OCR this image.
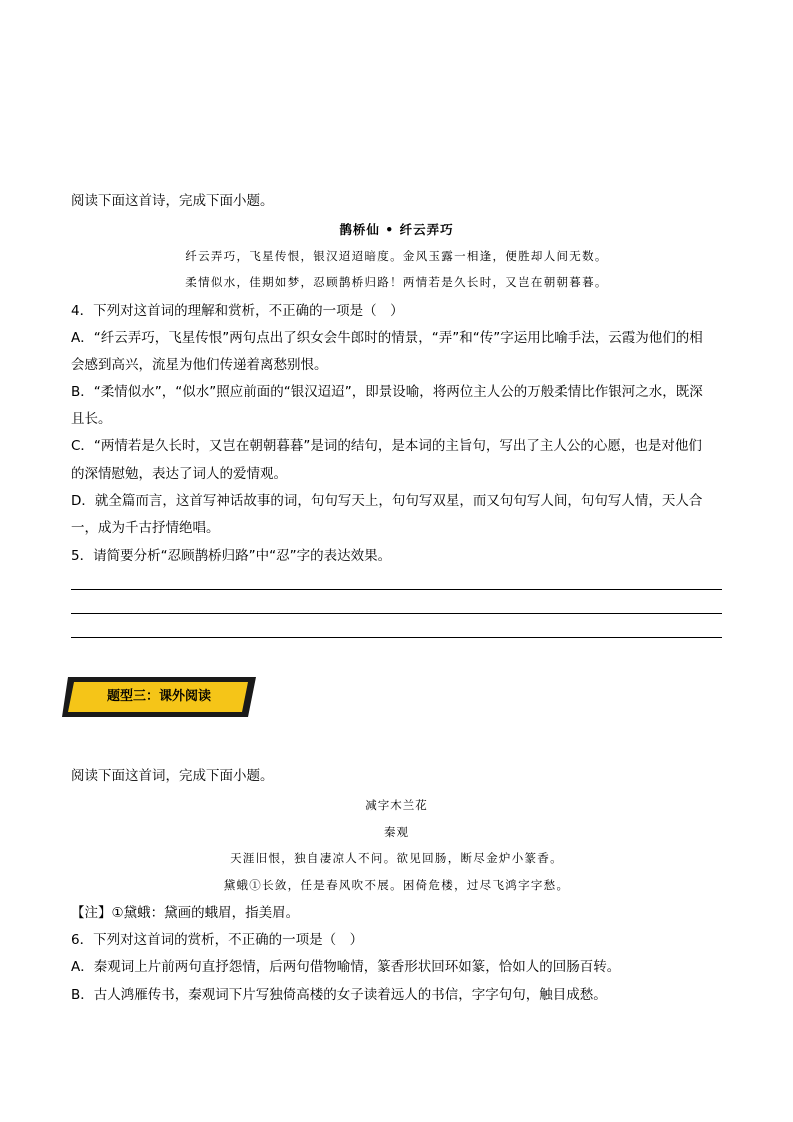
阅读下面这首诗，完成下面小题。
鹊桥仙 • 纤云弄巧
纤云弄巧，飞星传恨，银汉迢迢暗度。金风玉露一相逢，便胜却人间无数。
柔情似水，佳期如梦，忍顾鹊桥归路！两情若是久长时，又岂在朝朝暮暮。
4．下列对这首词的理解和赏析，不正确的一项是（　）
A．“纤云弄巧，飞星传恨”两句点出了织女会牛郎时的情景，“弄”和“传”字运用比喻手法，云霞为他们的相
会感到高兴，流星为他们传递着离愁别恨。
B．“柔情似水”，“似水”照应前面的“银汉迢迢”，即景设喻，将两位主人公的万般柔情比作银河之水，既深
且长。
C．“两情若是久长时，又岂在朝朝暮暮”是词的结句，是本词的主旨句，写出了主人公的心愿，也是对他们
的深情慰勉，表达了词人的爱情观。
D．就全篇而言，这首写神话故事的词，句句写天上，句句写双星，而又句句写人间，句句写人情，天人合
一，成为千古抒情绝唱。
5．请简要分析“忍顾鹊桥归路”中“忍”字的表达效果。
题型三：课外阅读
阅读下面这首词，完成下面小题。
减字木兰花
秦观
天涯旧恨，独自凄凉人不问。欲见回肠，断尽金炉小篆香。
黛蛾①长敛，任是春风吹不展。困倚危楼，过尽飞鸿字字愁。
【注】①黛蛾：黛画的蛾眉，指美眉。
6．下列对这首词的赏析，不正确的一项是（　）
A．秦观词上片前两句直抒怨情，后两句借物喻情，篆香形状回环如篆，恰如人的回肠百转。
B．古人鸿雁传书，秦观词下片写独倚高楼的女子读着远人的书信，字字句句，触目成愁。
